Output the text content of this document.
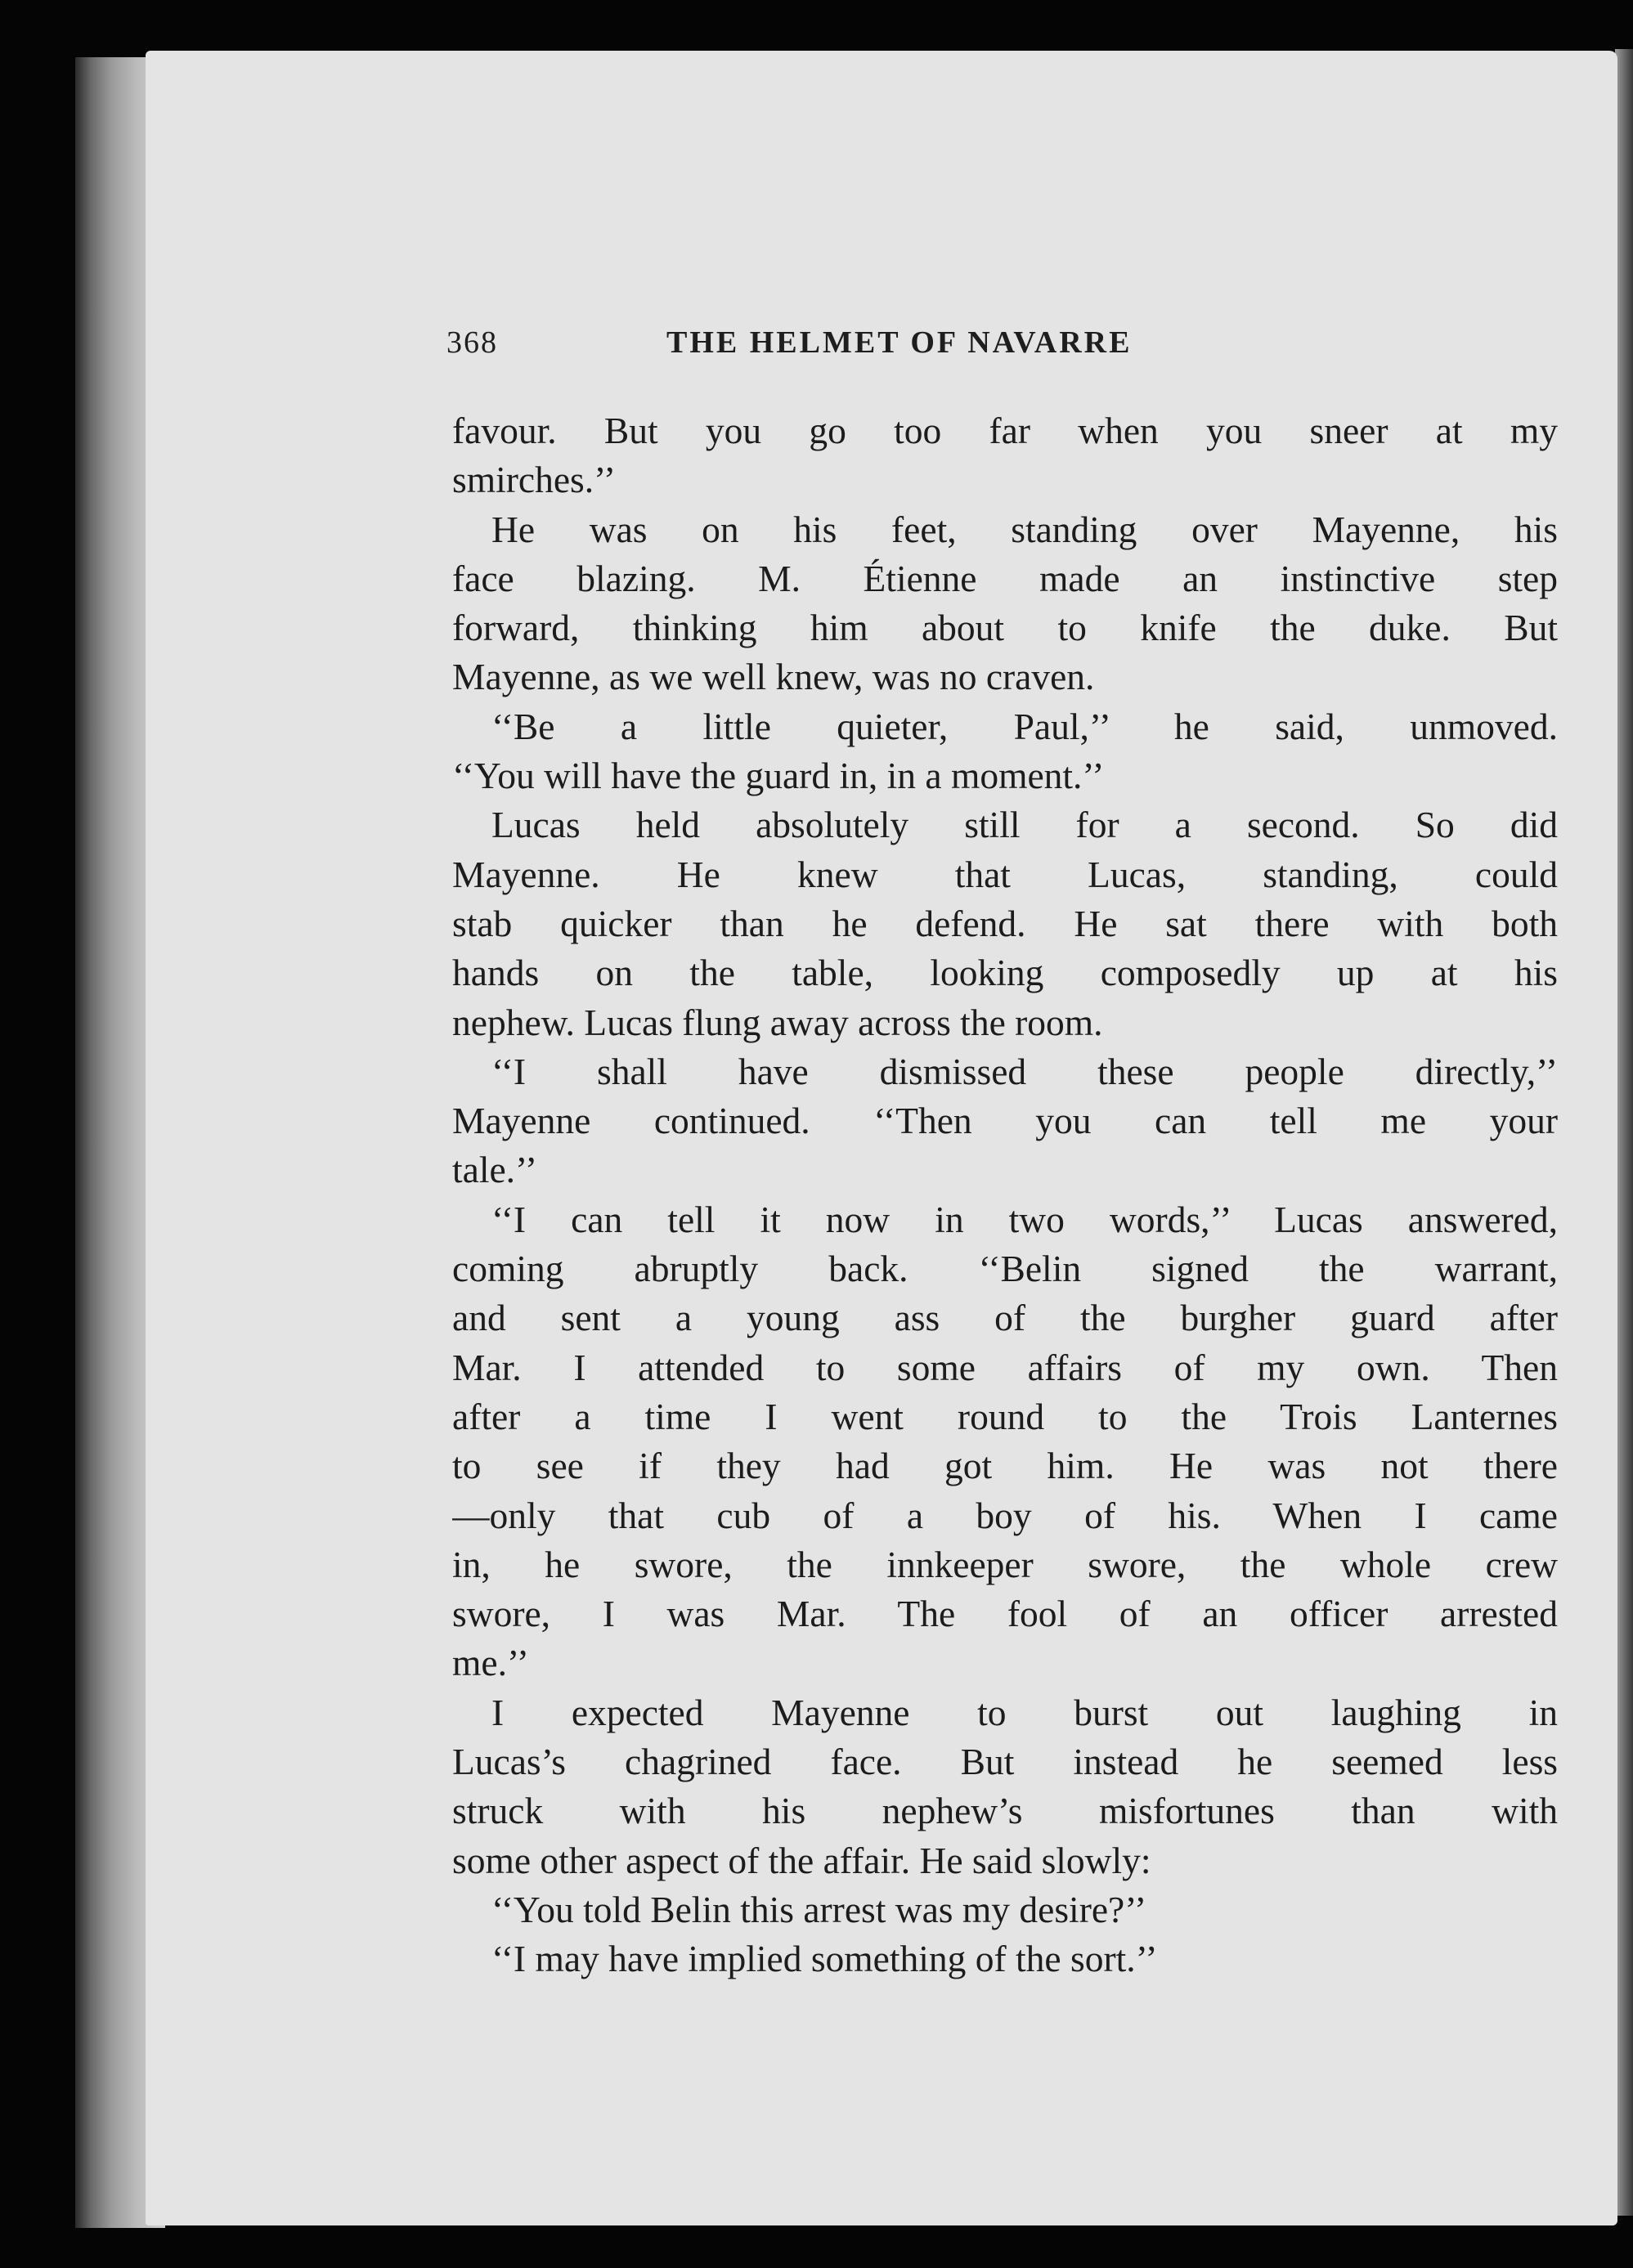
368	THE HELMET OF NAVARRE
favour. But you go too far when you sneer at my
smirches.’’
He was on his feet, standing over Mayenne, his
face blazing. M. Étienne made an instinctive step
forward, thinking him about to knife the duke. But
Mayenne, as we well knew, was no craven.
‘‘Be a little quieter, Paul,’’ he said, unmoved.
‘‘You will have the guard in, in a moment.’’
Lucas held absolutely still for a second. So did
Mayenne. He knew that Lucas, standing, could
stab quicker than he defend. He sat there with both
hands on the table, looking composedly up at his
nephew. Lucas flung away across the room.
‘‘I shall have dismissed these people directly,’’
Mayenne continued. ‘‘Then you can tell me your
tale.’’
‘‘I can tell it now in two words,’’ Lucas answered,
coming abruptly back. ‘‘Belin signed the warrant,
and sent a young ass of the burgher guard after
Mar. I attended to some affairs of my own. Then
after a time I went round to the Trois Lanternes
to see if they had got him. He was not there
—only that cub of a boy of his. When I came
in, he swore, the innkeeper swore, the whole crew
swore, I was Mar. The fool of an officer arrested
me.’’
I expected Mayenne to burst out laughing in
Lucas’s chagrined face. But instead he seemed less
struck with his nephew’s misfortunes than with
some other aspect of the affair. He said slowly:
‘‘You told Belin this arrest was my desire?’’
‘‘I may have implied something of the sort.’’
